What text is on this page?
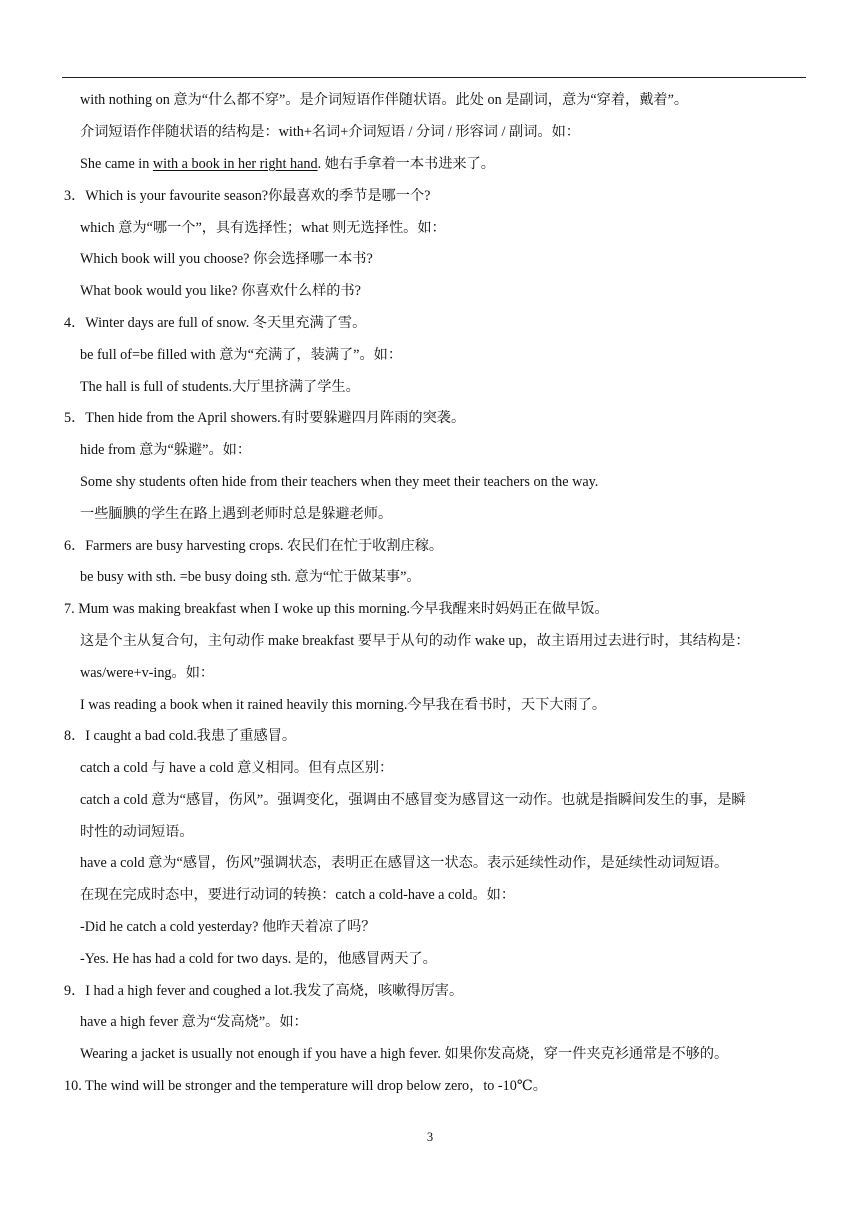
with nothing on 意为“什么都不穿”。是介词短语作伴随状语。此处 on 是副词，意为“穿着，戴着”。
介词短语作伴随状语的结构是：with+名词+介词短语 / 分词 / 形容词 / 副词。如：
She came in with a book in her right hand. 她右手拿着一本书进来了。
3．Which is your favourite season?你最喜欢的季节是哪一个?
which 意为“哪一个”，具有选择性；what 则无选择性。如：
Which book will you choose? 你会选择哪一本书?
What book would you like? 你喜欢什么样的书?
4．Winter days are full of snow. 冬天里充满了雪。
be full of=be filled with 意为“充满了，装满了”。如：
The hall is full of students.大厅里挤满了学生。
5．Then hide from the April showers.有时要躲避四月阵雨的突袭。
hide from 意为“躲避”。如：
Some shy students often hide from their teachers when they meet their teachers on the way.
一些腼腆的学生在路上遇到老师时总是躲避老师。
6．Farmers are busy harvesting crops. 农民们在忙于收割庄稼。
be busy with sth. =be busy doing sth. 意为“忙于做某事”。
7. Mum was making breakfast when I woke up this morning.今早我醒来时妈妈正在做早饭。
这是个主从复合句，主句动作 make breakfast 要早于从句的动作 wake up，故主语用过去进行时，其结构是：
was/were+v-ing。如：
I was reading a book when it rained heavily this morning.今早我在看书时，天下大雨了。
8．I caught a bad cold.我患了重感冒。
catch a cold 与 have a cold 意义相同。但有点区别：
catch a cold 意为“感冒，伤风”。强调变化，强调由不感冒变为感冒这一动作。也就是指瞬间发生的事，是瞬
时性的动词短语。
have a cold 意为“感冒，伤风”强调状态，表明正在感冒这一状态。表示延续性动作，是延续性动词短语。
在现在完成时态中，要进行动词的转换：catch a cold-have a cold。如：
-Did he catch a cold yesterday? 他昨天着凉了吗？
-Yes. He has had a cold for two days. 是的，他感冒两天了。
9．I had a high fever and coughed a lot.我发了高烧，咳嗽得厉害。
have a high fever 意为“发高烧”。如：
Wearing a jacket is usually not enough if you have a high fever. 如果你发高烧，穿一件夹克衫通常是不够的。
10. The wind will be stronger and the temperature will drop below zero，to -10℃。
3
